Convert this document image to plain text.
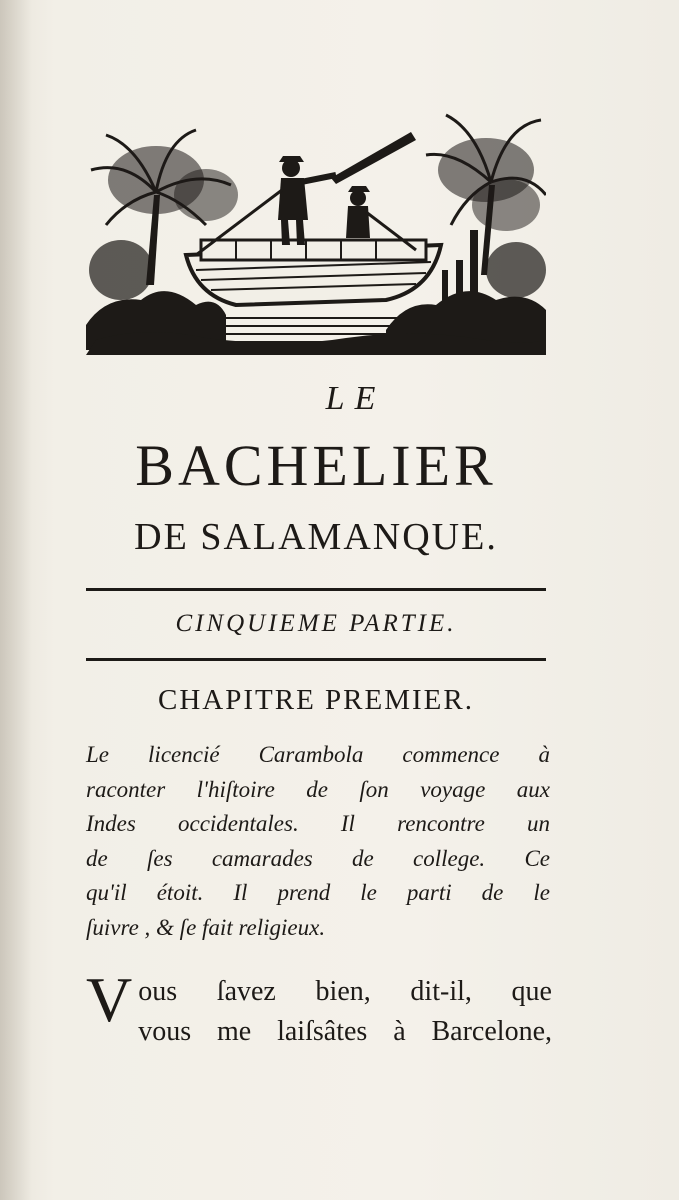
LE
BACHELIER
DE SALAMANQUE.
CINQUIEME PARTIE.
CHAPITRE PREMIER.
Le licencié Carambola commence à
raconter l'hiſtoire de ſon voyage aux
Indes occidentales. Il rencontre un
de ſes camarades de college. Ce
qu'il étoit. Il prend le parti de le
ſuivre , & ſe fait religieux.
V ous ſavez bien, dit-il, que
vous me laiſsâtes à Barcelone,
